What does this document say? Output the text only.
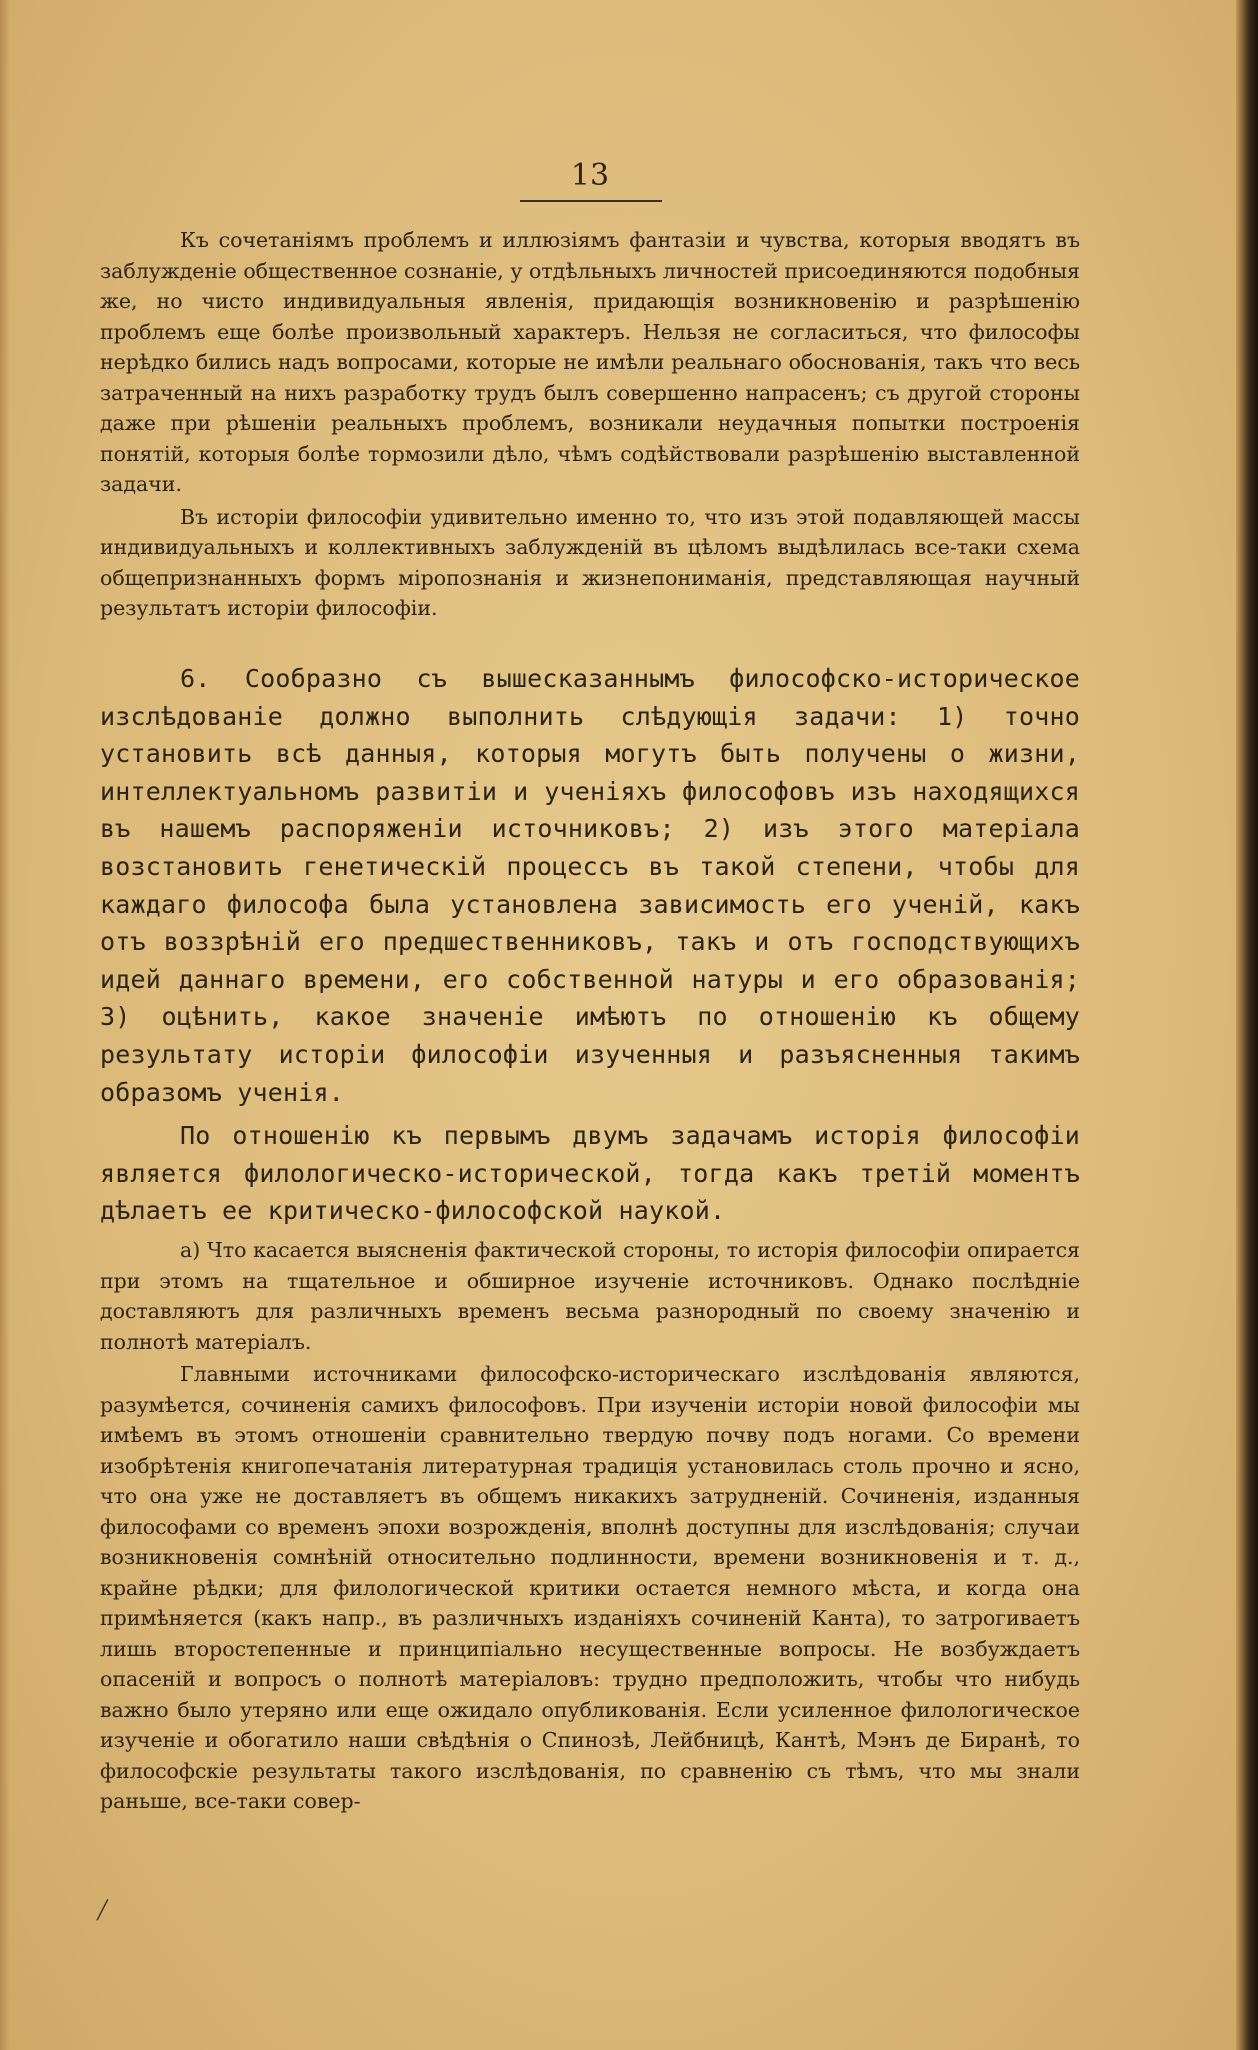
13

Къ сочетаніямъ проблемъ и иллюзіямъ фантазіи и чувства, которыя вводятъ въ заблужденіе общественное сознаніе, у отдѣльныхъ личностей присоединяются подобныя же, но чисто индивидуальныя явленія, придающія возникновенію и разрѣшенію проблемъ еще болѣе произвольный характеръ. Нельзя не согласиться, что философы нерѣдко бились надъ вопросами, которые не имѣли реальнаго обоснованія, такъ что весь затраченный на нихъ разработку трудъ былъ совершенно напрасенъ; съ другой стороны даже при рѣшеніи реальныхъ проблемъ, возникали неудачныя попытки построенія понятій, которыя болѣе тормозили дѣло, чѣмъ содѣйствовали разрѣшенію выставленной задачи.

Въ исторіи философіи удивительно именно то, что изъ этой подавляющей массы индивидуальныхъ и коллективныхъ заблужденій въ цѣломъ выдѣлилась все-таки схема общепризнанныхъ формъ міропознанія и жизнепониманія, представляющая научный результатъ исторіи философіи.

6. Сообразно съ вышесказаннымъ философско-историческое изслѣдованіе должно выполнить слѣдующія задачи: 1) точно установить всѣ данныя, которыя могутъ быть получены о жизни, интеллектуальномъ развитіи и ученіяхъ философовъ изъ находящихся въ нашемъ распоряженіи источниковъ; 2) изъ этого матеріала возстановить генетическій процессъ въ такой степени, чтобы для каждаго философа была установлена зависимость его ученій, какъ отъ воззрѣній его предшественниковъ, такъ и отъ господствующихъ идей даннаго времени, его собственной натуры и его образованія; 3) оцѣнить, какое значеніе имѣютъ по отношенію къ общему результату исторіи философіи изученныя и разъясненныя такимъ образомъ ученія.

По отношенію къ первымъ двумъ задачамъ исторія философіи является филологическо-исторической, тогда какъ третій моментъ дѣлаетъ ее критическо-философской наукой.

а) Что касается выясненія фактической стороны, то исторія философіи опирается при этомъ на тщательное и обширное изученіе источниковъ. Однако послѣдніе доставляютъ для различныхъ временъ весьма разнородный по своему значенію и полнотѣ матеріалъ.

Главными источниками философско-историческаго изслѣдованія являются, разумѣется, сочиненія самихъ философовъ. При изученіи исторіи новой философіи мы имѣемъ въ этомъ отношеніи сравнительно твердую почву подъ ногами. Со времени изобрѣтенія книгопечатанія литературная традиція установилась столь прочно и ясно, что она уже не доставляетъ въ общемъ никакихъ затрудненій. Сочиненія, изданныя философами со временъ эпохи возрожденія, вполнѣ доступны для изслѣдованія; случаи возникновенія сомнѣній относительно подлинности, времени возникновенія и т. д., крайне рѣдки; для филологической критики остается немного мѣста, и когда она примѣняется (какъ напр., въ различныхъ изданіяхъ сочиненій Канта), то затрогиваетъ лишь второстепенные и принципіально несущественные вопросы. Не возбуждаетъ опасеній и вопросъ о полнотѣ матеріаловъ: трудно предположить, чтобы что нибудь важно было утеряно или еще ожидало опубликованія. Если усиленное филологическое изученіе и обогатило наши свѣдѣнія о Спинозѣ, Лейбницѣ, Кантѣ, Мэнъ де Биранѣ, то философскіе результаты такого изслѣдованія, по сравненію съ тѣмъ, что мы знали раньше, все-таки совер-

╱
